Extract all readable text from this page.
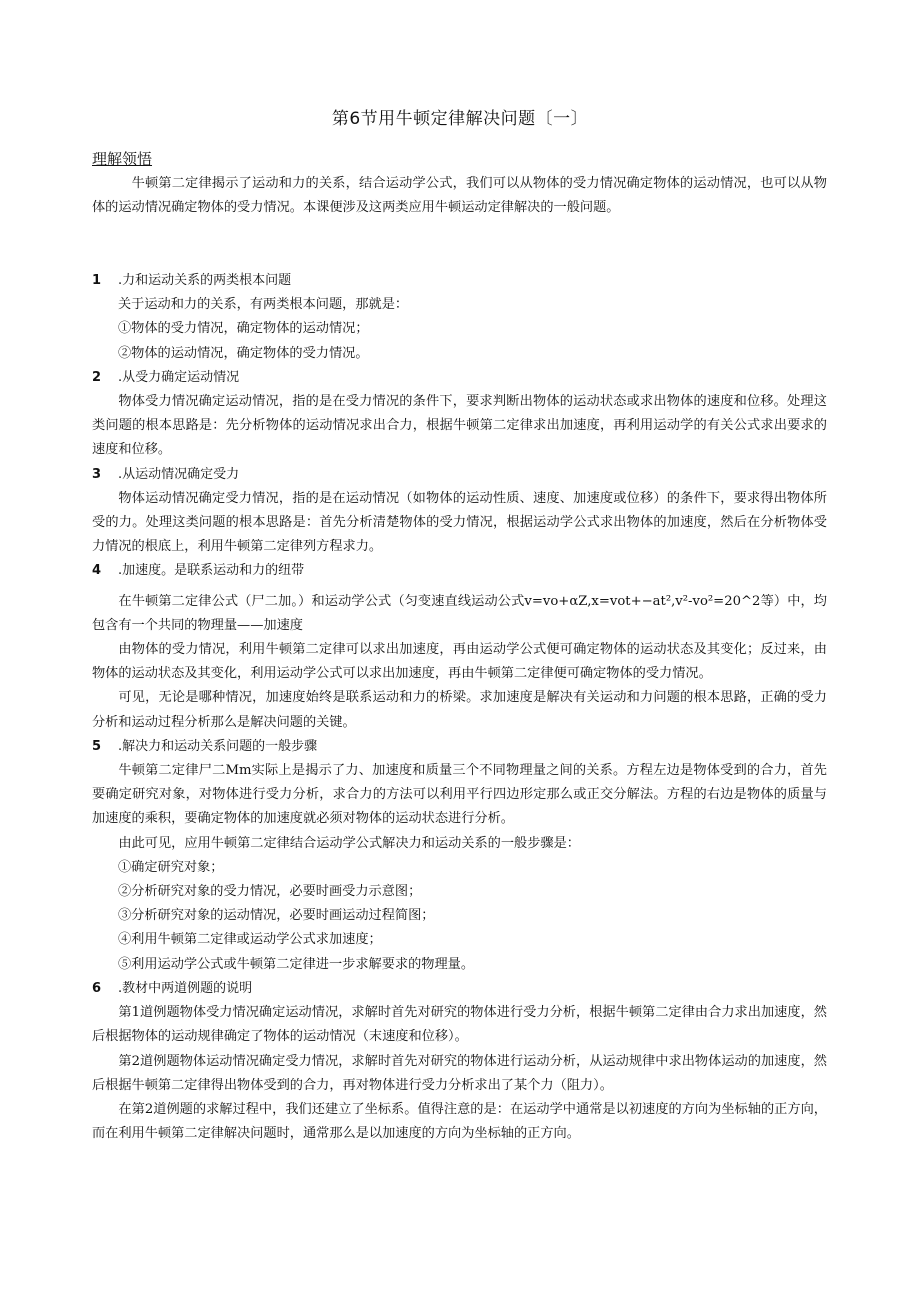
第6节用牛顿定律解决问题〔一〕
理解领悟

牛顿第二定律揭示了运动和力的关系，结合运动学公式，我们可以从物体的受力情况确定物体的运动情况，也可以从物体的运动情况确定物体的受力情况。本课便涉及这两类应用牛顿运动定律解决的一般问题。

1 .力和运动关系的两类根本问题

关于运动和力的关系，有两类根本问题，那就是：

①物体的受力情况，确定物体的运动情况；

②物体的运动情况，确定物体的受力情况。

2 .从受力确定运动情况

物体受力情况确定运动情况，指的是在受力情况的条件下，要求判断出物体的运动状态或求出物体的速度和位移。处理这类问题的根本思路是：先分析物体的运动情况求出合力，根据牛顿第二定律求出加速度，再利用运动学的有关公式求出要求的速度和位移。

3 .从运动情况确定受力

物体运动情况确定受力情况，指的是在运动情况（如物体的运动性质、速度、加速度或位移）的条件下，要求得出物体所受的力。处理这类问题的根本思路是：首先分析清楚物体的受力情况，根据运动学公式求出物体的加速度，然后在分析物体受力情况的根底上，利用牛顿第二定律列方程求力。

4 .加速度。是联系运动和力的纽带

在牛顿第二定律公式（尸二加。）和运动学公式（匀变速直线运动公式v=vo+αZ,x=vot+−at²,v²-vo²=20^2等）中，均包含有一个共同的物理量——加速度

由物体的受力情况，利用牛顿第二定律可以求出加速度，再由运动学公式便可确定物体的运动状态及其变化；反过来，由物体的运动状态及其变化，利用运动学公式可以求出加速度，再由牛顿第二定律便可确定物体的受力情况。

可见，无论是哪种情况，加速度始终是联系运动和力的桥梁。求加速度是解决有关运动和力问题的根本思路，正确的受力分析和运动过程分析那么是解决问题的关键。

5 .解决力和运动关系问题的一般步骤

牛顿第二定律尸二Mm实际上是揭示了力、加速度和质量三个不同物理量之间的关系。方程左边是物体受到的合力，首先要确定研究对象，对物体进行受力分析，求合力的方法可以利用平行四边形定那么或正交分解法。方程的右边是物体的质量与加速度的乘积，要确定物体的加速度就必须对物体的运动状态进行分析。

由此可见，应用牛顿第二定律结合运动学公式解决力和运动关系的一般步骤是：

①确定研究对象；

②分析研究对象的受力情况，必要时画受力示意图；

③分析研究对象的运动情况，必要时画运动过程简图；

④利用牛顿第二定律或运动学公式求加速度；

⑤利用运动学公式或牛顿第二定律进一步求解要求的物理量。

6 .教材中两道例题的说明

第1道例题物体受力情况确定运动情况，求解时首先对研究的物体进行受力分析，根据牛顿第二定律由合力求出加速度，然后根据物体的运动规律确定了物体的运动情况（末速度和位移）。

第2道例题物体运动情况确定受力情况，求解时首先对研究的物体进行运动分析，从运动规律中求出物体运动的加速度，然后根据牛顿第二定律得出物体受到的合力，再对物体进行受力分析求出了某个力（阻力）。

在第2道例题的求解过程中，我们还建立了坐标系。值得注意的是：在运动学中通常是以初速度的方向为坐标轴的正方向，而在利用牛顿第二定律解决问题时，通常那么是以加速度的方向为坐标轴的正方向。
